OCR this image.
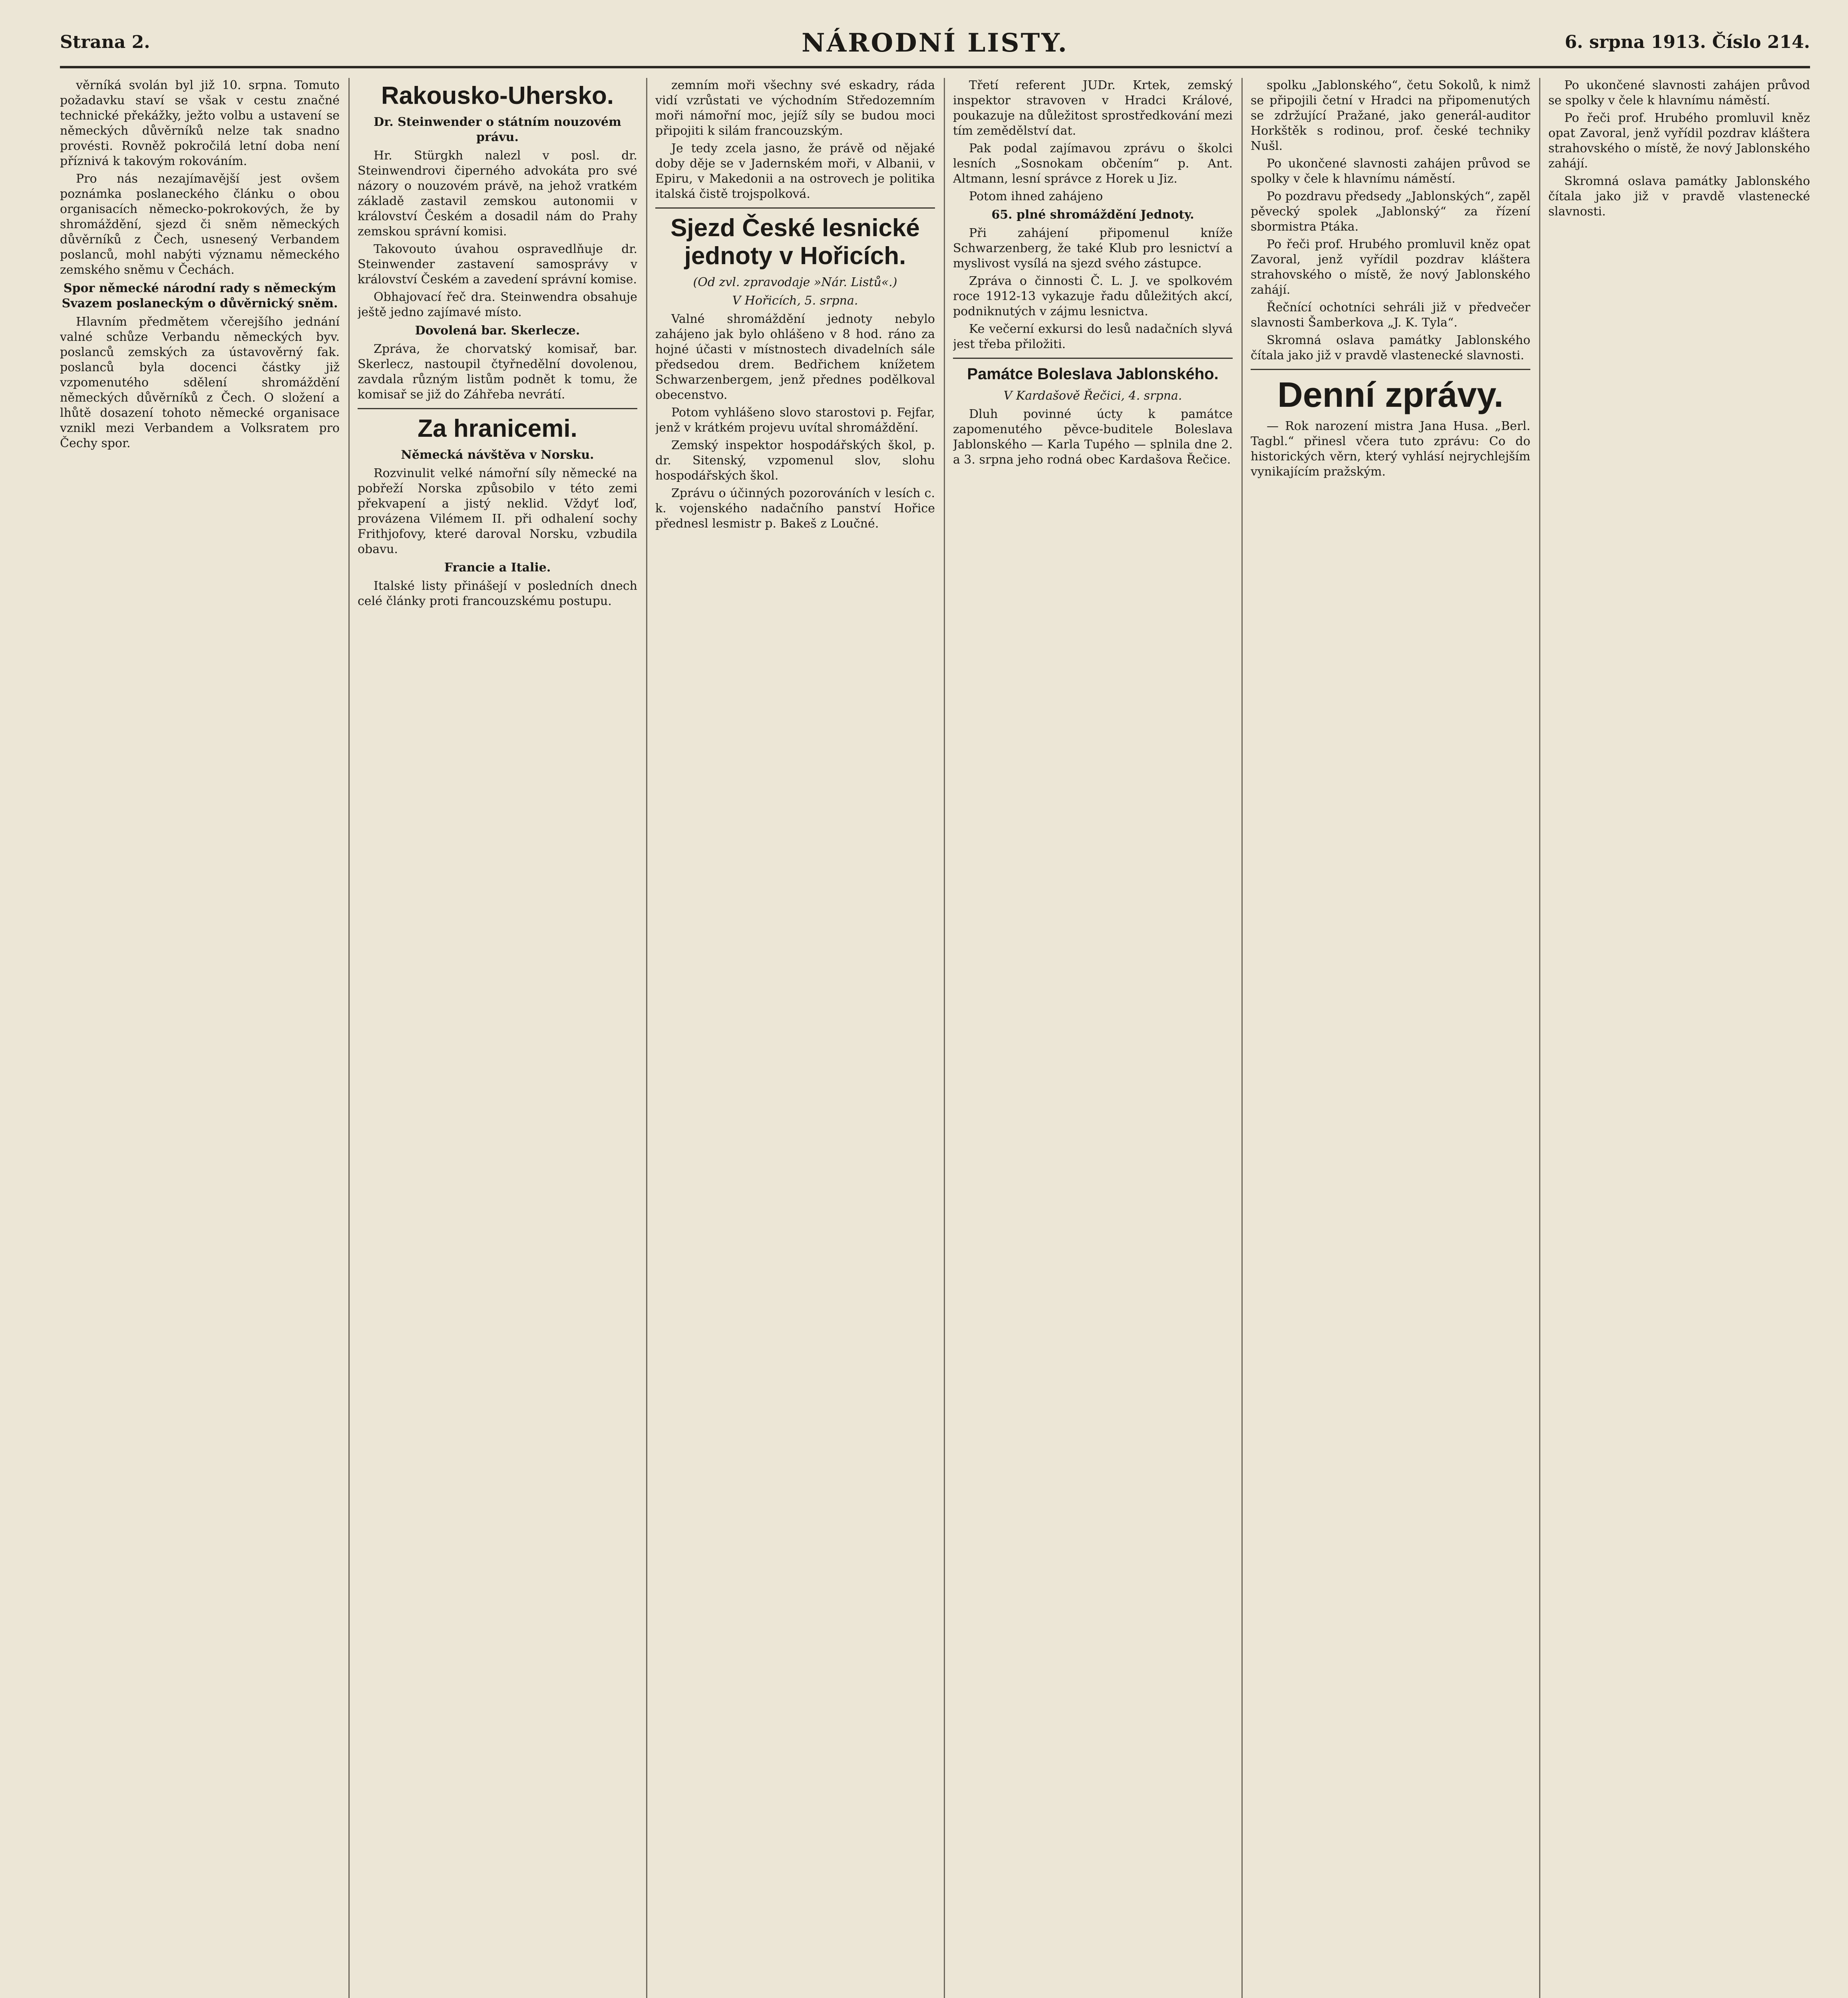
Strana 2.	NÁRODNÍ LISTY.	6. srpna 1913. Číslo 214.

věrníká svolán byl již 10. srpna. Tomuto požadavku staví se však v cestu značné technické překážky, ježto volbu a ustavení se německých důvěrníků nelze tak snadno provésti. Rovněž pokročilá letní doba není příznivá k takovým rokováním.

Pro nás nezajímavější jest ovšem poznámka poslaneckého článku o obou organisacích německo-pokrokových, že by shromáždění, sjezd či sněm německých důvěrníků z Čech, usnesený Verbandem poslanců, mohl nabýti významu německého zemského sněmu v Čechách.

Spor německé národní rady s německým Svazem poslaneckým o důvěrnický sněm.

Hlavním předmětem včerejšího jednání valné schůze Verbandu německých byv. poslanců zemských za ústavověrný fak. poslanců byla docenci částky již vzpomenutého sdělení shromáždění německých důvěrníků z Čech. O složení a lhůtě dosazení tohoto německé organisace vznikl mezi Verbandem a Volksratem pro Čechy spor.

Rakousko-Uhersko.

Dr. Steinwender o státním nouzovém právu.

Hr. Stürgkh nalezl v posl. dr. Steinwendrovi čiperného advokáta pro své názory o nouzovém právě, na jehož vratkém základě zastavil zemskou autonomii v království Českém a dosadil nám do Prahy zemskou správní komisi.

Takovouto úvahou ospravedlňuje dr. Steinwender zastavení samosprávy v království Českém a zavedení správní komise.

Obhajovací řeč dra. Steinwendra obsahuje ještě jedno zajímavé místo.

Dovolená bar. Skerlecze.

Zpráva, že chorvatský komisař, bar. Skerlecz, nastoupil čtyřnedělní dovolenou, zavdala různým listům podnět k tomu, že komisař se již do Záhřeba nevrátí.

Za hranicemi.

Německá návštěva v Norsku.

Rozvinulit velké námořní síly německé na pobřeží Norska způsobilo v této zemi překvapení a jistý neklid. Vždyť loď, provázena Vilémem II. při odhalení sochy Frithjofovy, které daroval Norsku, vzbudila obavu.

Francie a Italie.

Italské listy přinášejí v posledních dnech celé články proti francouzskému postupu.

zemním moři všechny své eskadry, ráda vidí vzrůstati ve východním Středozemním moři námořní moc, jejíž síly se budou moci připojiti k silám francouzským.

Je tedy zcela jasno, že právě od nějaké doby děje se v Jadernském moři, v Albanii, v Epiru, v Makedonii a na ostrovech je politika italská čistě trojspolková.

Sjezd České lesnické jednoty v Hořicích.

(Od zvl. zpravodaje »Nár. Listů«.)

V Hořicích, 5. srpna.

Valné shromáždění jednoty nebylo zahájeno jak bylo ohlášeno v 8 hod. ráno za hojné účasti v místnostech divadelních sále předsedou drem. Bedřichem knížetem Schwarzenbergem, jenž přednes podělkoval obecenstvo.

Potom vyhlášeno slovo starostovi p. Fejfar, jenž v krátkém projevu uvítal shromáždění.

Zemský inspektor hospodářských škol, p. dr. Sitenský, vzpomenul slov, slohu hospodářských škol.

Zprávu o účinných pozorováních v lesích c. k. vojenského nadačního panství Hořice přednesl lesmistr p. Bakeš z Loučné.

Třetí referent JUDr. Krtek, zemský inspektor stravoven v Hradci Králové, poukazuje na důležitost sprostředkování mezi tím zemědělství dat.

Pak podal zajímavou zprávu o školci lesních „Sosnokam občením“ p. Ant. Altmann, lesní správce z Horek u Jiz.

Potom ihned zahájeno

65. plné shromáždění Jednoty.

Při zahájení připomenul kníže Schwarzenberg, že také Klub pro lesnictví a myslivost vysílá na sjezd svého zástupce.

Zpráva o činnosti Č. L. J. ve spolkovém roce 1912-13 vykazuje řadu důležitých akcí, podniknutých v zájmu lesnictva.

Ke večerní exkursi do lesů nadačních slyvá jest třeba přiložiti.

Památce Boleslava Jablonského.

V Kardašově Řečici, 4. srpna.

Dluh povinné úcty k památce zapomenutého pěvce-buditele Boleslava Jablonského — Karla Tupého — splnila dne 2. a 3. srpna jeho rodná obec Kardašova Řečice.

spolku „Jablonského“, četu Sokolů, k nimž se připojili četní v Hradci na připomenutých se zdržující Pražané, jako generál-auditor Horkštěk s rodinou, prof. české techniky Nušl.

Po ukončené slavnosti zahájen průvod se spolky v čele k hlavnímu náměstí.

Po pozdravu předsedy „Jablonských“, zapěl pěvecký spolek „Jablonský“ za řízení sbormistra Ptáka.

Po řeči prof. Hrubého promluvil kněz opat Zavoral, jenž vyřídil pozdrav kláštera strahovského o místě, že nový Jablonského zahájí.

Řečnící ochotníci sehráli již v předvečer slavnosti Šamberkova „J. K. Tyla“.

Skromná oslava památky Jablonského čítala jako již v pravdě vlastenecké slavnosti.

Denní zprávy.

— Rok narození mistra Jana Husa. „Berl. Tagbl.“ přinesl včera tuto zprávu: Co do historických věrn, který vyhlásí nejrychlejším vynikajícím pražským.

Po ukončené slavnosti zahájen průvod se spolky v čele k hlavnímu náměstí.

Po řeči prof. Hrubého promluvil kněz opat Zavoral, jenž vyřídil pozdrav kláštera strahovského o místě, že nový Jablonského zahájí.

Skromná oslava památky Jablonského čítala jako již v pravdě vlastenecké slavnosti.
